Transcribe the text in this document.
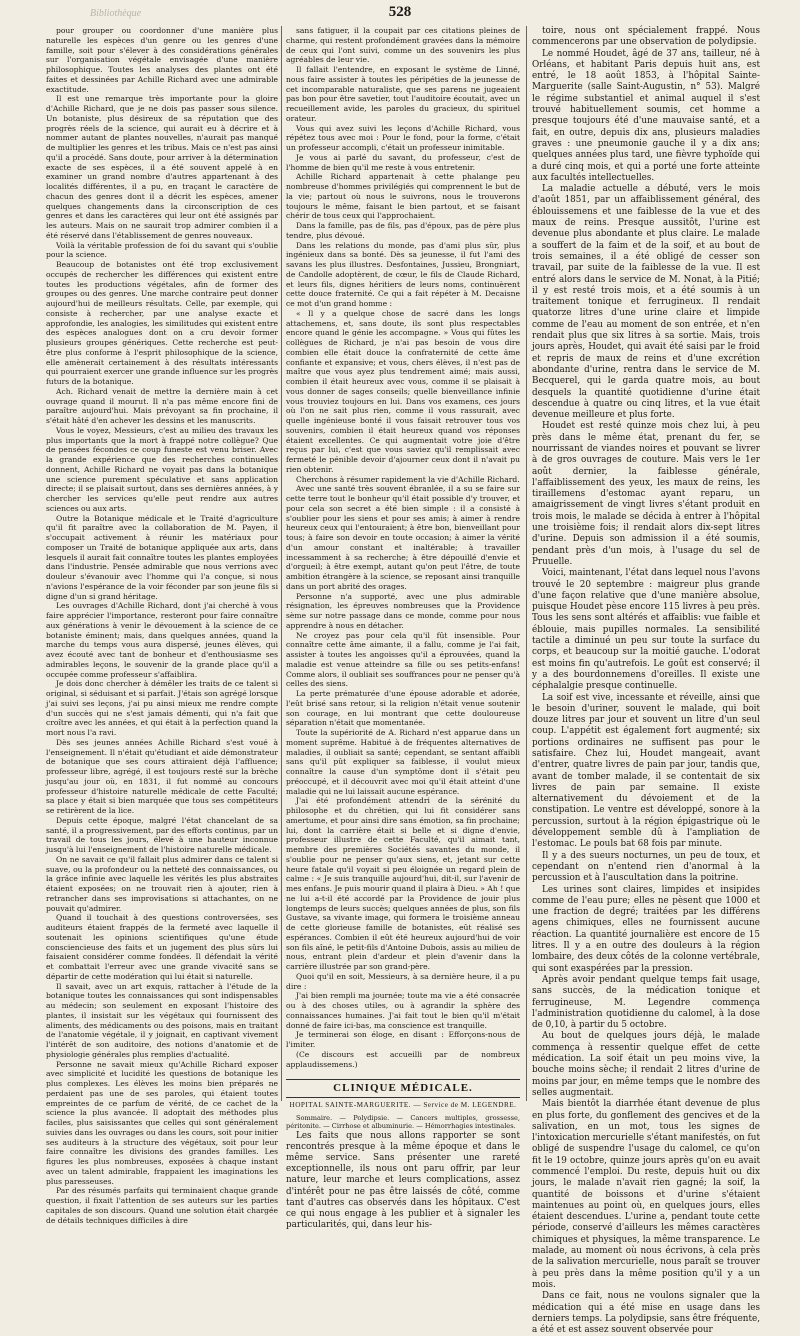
Bibliothèque	528

pour grouper ou coordonner d'une manière plus naturelle les espèces d'un genre ou les genres d'une famille, soit pour s'élever à des considérations générales sur l'organisation végétale envisagée d'une manière philosophique. Toutes les analyses des plantes ont été faites et dessinées par Achille Richard avec une admirable exactitude.

Il est une remarque très importante pour la gloire d'Achille Richard, que je ne dois pas passer sous silence. Un botaniste, plus désireux de sa réputation que des progrès réels de la science, qui aurait eu à décrire et à nommer autant de plantes nouvelles, n'aurait pas manqué de multiplier les genres et les tribus. Mais ce n'est pas ainsi qu'il a procédé. Sans doute, pour arriver à la détermination exacte de ses espèces, il a été souvent appelé à en examiner un grand nombre d'autres appartenant à des localités différentes, il a pu, en traçant le caractère de chacun des genres dont il a décrit les espèces, amener quelques changements dans la circonscription de ces genres et dans les caractères qui leur ont été assignés par les auteurs. Mais on ne saurait trop admirer combien il a été réservé dans l'établissement de genres nouveaux.

Voilà la véritable profession de foi du savant qui s'oublie pour la science.

Beaucoup de botanistes ont été trop exclusivement occupés de rechercher les différences qui existent entre toutes les productions végétales, afin de former des groupes ou des genres. Une marche contraire peut donner aujourd'hui de meilleurs résultats. Celle, par exemple, qui consiste à rechercher, par une analyse exacte et approfondie, les analogies, les similitudes qui existent entre des espèces analogues dont on a cru devoir former plusieurs groupes génériques. Cette recherche est peut-être plus conforme à l'esprit philosophique de la science, elle amènerait certainement à des résultats intéressants qui pourraient exercer une grande influence sur les progrès futurs de la botanique.

Ach. Richard venait de mettre la dernière main à cet ouvrage quand il mourut. Il n'a pas même encore fini de paraître aujourd'hui. Mais prévoyant sa fin prochaine, il s'était hâté d'en achever les dessins et les manuscrits.

Vous le voyez, Messieurs, c'est au milieu des travaux les plus importants que la mort à frappé notre collègue? Que de pensées fécondes ce coup funeste est venu briser. Avec la grande expérience que des recherches continuelles donnent, Achille Richard ne voyait pas dans la botanique une science purement spéculative et sans application directe; il se plaisait surtout, dans ses dernières années, à y chercher les services qu'elle peut rendre aux autres sciences ou aux arts.

Outre la Botanique médicale et le Traité d'agriculture qu'il fit paraître avec la collaboration de M. Payen, il s'occupait activement à réunir les matériaux pour composer un Traité de botanique appliquée aux arts, dans lesquels il aurait fait connaître toutes les plantes employées dans l'industrie. Pensée admirable que nous verrions avec douleur s'évanouir avec l'homme qui l'a conçue, si nous n'avions l'espérance de la voir féconder par son jeune fils si digne d'un si grand héritage.

Les ouvrages d'Achille Richard, dont j'ai cherché à vous faire apprécier l'importance, resteront pour faire connaître aux générations à venir le dévouement à la science de ce botaniste éminent; mais, dans quelques années, quand la marche du temps vous aura dispersé, jeunes élèves, qui avez écouté avec tant de bonheur et d'enthousiasme ses admirables leçons, le souvenir de la grande place qu'il a occupée comme professeur s'affaiblira.

Je dois donc chercher à démêler les traits de ce talent si original, si séduisant et si parfait. J'étais son agrégé lorsque j'ai suivi ses leçons, j'ai pu ainsi mieux me rendre compte d'un succès qui ne s'est jamais démenti, qui n'a fait que croître avec les années, et qui était à la perfection quand la mort nous l'a ravi.

Dès ses jeunes années Achille Richard s'est voué à l'enseignement. Il n'était qu'étudiant et aide démonstrateur de botanique que ses cours attiraient déjà l'affluence; professeur libre, agrégé, il est toujours resté sur la brèche jusqu'au jour où, en 1831, il fut nommé au concours professeur d'histoire naturelle médicale de cette Faculté; sa place y était si bien marquée que tous ses compétiteurs se retirèrent de la lice.

Depuis cette époque, malgré l'état chancelant de sa santé, il a progressivement, par des efforts continus, par un travail de tous les jours, élevé à une hauteur inconnue jusqu'à lui l'enseignement de l'histoire naturelle médicale.

On ne savait ce qu'il fallait plus admirer dans ce talent si suave, ou la profondeur ou la netteté des connaissances, ou la grâce infinie avec laquelle les vérités les plus abstraites étaient exposées; on ne trouvait rien à ajouter, rien à retrancher dans ses improvisations si attachantes, on ne pouvait qu'admirer.

Quand il touchait à des questions controversées, ses auditeurs étaient frappés de la fermeté avec laquelle il soutenait les opinions scientifiques qu'une étude consciencieuse des faits et un jugement des plus sûrs lui faisaient considérer comme fondées. Il défendait la vérité et combattait l'erreur avec une grande vivacité sans se départir de cette modération qui lui était si naturelle.

Il savait, avec un art exquis, rattacher à l'étude de la botanique toutes les connaissances qui sont indispensables au médecin; son seulement en exposant l'histoire des plantes, il insistait sur les végétaux qui fournissent des aliments, des médicaments ou des poisons, mais en traitant de l'anatomie végétale, il y joignait, en captivant vivement l'intérêt de son auditoire, des notions d'anatomie et de physiologie générales plus remplies d'actualité.

Personne ne savait mieux qu'Achille Richard exposer avec simplicité et lucidité les questions de botanique les plus complexes. Les élèves les moins bien préparés ne perdaient pas une de ses paroles, qui étaient toutes empreintes de ce parfum de vérité, de ce cachet de la science la plus avancée. Il adoptait des méthodes plus faciles, plus saisissantes que celles qui sont généralement suivies dans les ouvrages ou dans les cours, soit pour initier ses auditeurs à la structure des végétaux, soit pour leur faire connaître les divisions des grandes familles. Les figures les plus nombreuses, exposées à chaque instant avec un talent admirable, frappaient les imaginations les plus paresseuses.

Par des résumés parfaits qui terminaient chaque grande question, il fixait l'attention de ses auteurs sur les parties capitales de son discours. Quand une solution était chargée de détails techniques difficiles à dire

sans fatiguer, il la coupait par ces citations pleines de charme, qui restent profondément gravées dans la mémoire de ceux qui l'ont suivi, comme un des souvenirs les plus agréables de leur vie.

Il fallait l'entendre, en exposant le système de Linné, nous faire assister à toutes les péripéties de la jeunesse de cet incomparable naturaliste, que ses parens ne jugeaient pas bon pour être savetier, tout l'auditoire écoutait, avec un recueillement avide, les paroles du gracieux, du spirituel orateur.

Vous qui avez suivi les leçons d'Achille Richard, vous répétez tous avec moi : Pour le fond, pour la forme, c'était un professeur accompli, c'était un professeur inimitable.

Je vous ai parlé du savant, du professeur, c'est de l'homme de bien qu'il me reste à vous entretenir.

Achille Richard appartenait à cette phalange peu nombreuse d'hommes privilégiés qui comprennent le but de la vie; partout où nous le suivrons, nous le trouverons toujours le même, faisant le bien partout, et se faisant chérir de tous ceux qui l'approchaient.

Dans la famille, pas de fils, pas d'époux, pas de père plus tendre, plus dévoué.

Dans les relations du monde, pas d'ami plus sûr, plus ingénieux dans sa bonté. Dès sa jeunesse, il fut l'ami des savans les plus illustres. Desfontaines, Jussieu, Brongniart, de Candolle adoptèrent, de cœur, le fils de Claude Richard, et leurs fils, dignes héritiers de leurs noms, continuèrent cette douce fraternité. Ce qui a fait répéter à M. Decaisne ce mot d'un grand homme :

« Il y a quelque chose de sacré dans les longs attachemens, et, sans doute, ils sont plus respectables encore quand le génie les accompagne. » Vous qui fûtes les collègues de Richard, je n'ai pas besoin de vous dire combien elle était douce la confraternité de cette âme confiante et expansive; et vous, chers élèves, il n'est pas de maître que vous ayez plus tendrement aimé; mais aussi, combien il était heureux avec vous, comme il se plaisait à vous donner de sages conseils; quelle bienveillance infinie vous trouviez toujours en lui. Dans vos examens, ces jours où l'on ne sait plus rien, comme il vous rassurait, avec quelle ingénieuse bonté il vous faisait retrouver tous vos souvenirs, combien il était heureux quand vos réponses étaient excellentes. Ce qui augmentait votre joie d'être reçus par lui, c'est que vous saviez qu'il remplissait avec fermeté le pénible devoir d'ajourner ceux dont il n'avait pu rien obtenir.

Cherchons à résumer rapidement la vie d'Achille Richard.

Avec une santé très souvent ébranlée, il a su se faire sur cette terre tout le bonheur qu'il était possible d'y trouver, et pour cela son secret a été bien simple : il a consisté à s'oublier pour les siens et pour ses amis; à aimer à rendre heureux ceux qui l'entouraient; à être bon, bienveillant pour tous; à faire son devoir en toute occasion; à aimer la vérité d'un amour constant et inaltérable; à travailler incessamment à sa recherche; à être dépouillé d'envie et d'orgueil; à être exempt, autant qu'on peut l'être, de toute ambition étrangère à la science, se reposant ainsi tranquille dans un port abrité des orages.

Personne n'a supporté, avec une plus admirable résignation, les épreuves nombreuses que la Providence sème sur notre passage dans ce monde, comme pour nous apprendre à nous en détacher.

Ne croyez pas pour cela qu'il fût insensible. Pour connaître cette âme aimante, il a fallu, comme je l'ai fait, assister à toutes les angoisses qu'il a éprouvées, quand la maladie est venue atteindre sa fille ou ses petits-enfans! Comme alors, il oubliait ses souffrances pour ne penser qu'à celles des siens.

La perte prématurée d'une épouse adorable et adorée, l'eût brisé sans retour, si la religion n'était venue soutenir son courage, en lui montrant que cette douloureuse séparation n'était que momentanée.

Toute la supériorité de A. Richard n'est apparue dans un moment suprême. Habitué à de fréquentes alternatives de maladies, il oubliait sa santé; cependant, se sentant affaibli sans qu'il pût expliquer sa faiblesse, il voulut mieux connaître la cause d'un symptôme dont il s'était peu préoccupé, et il découvrit avec moi qu'il était atteint d'une maladie qui ne lui laissait aucune espérance.

J'ai été profondément attendri de la sérénité du philosophe et du chrétien, qui lui fit considérer sans amertume, et pour ainsi dire sans émotion, sa fin prochaine; lui, dont la carrière était si belle et si digne d'envie, professeur illustre de cette Faculté, qu'il aimait tant, membre des premières Sociétés savantes du monde, il s'oublie pour ne penser qu'aux siens, et, jetant sur cette heure fatale qu'il voyait si peu éloignée un regard plein de calme : « Je suis tranquille aujourd'hui, dit-il, sur l'avenir de mes enfans. Je puis mourir quand il plaira à Dieu. » Ah ! que ne lui a-t-il été accordé par la Providence de jouir plus longtemps de leurs succès; quelques années de plus, son fils Gustave, sa vivante image, qui formera le troisième anneau de cette glorieuse famille de botanistes, eût réalisé ses espérances. Combien il eût été heureux aujourd'hui de voir son fils aîné, le petit-fils d'Antoine Dubois, assis au milieu de nous, entrant plein d'ardeur et plein d'avenir dans la carrière illustrée par son grand-père.

Quoi qu'il en soit, Messieurs, à sa dernière heure, il a pu dire :

J'ai bien rempli ma journée; toute ma vie a été consacrée ou à des choses utiles, ou à agrandir la sphère des connaissances humaines. J'ai fait tout le bien qu'il m'était donné de faire ici-bas, ma conscience est tranquille.

Je terminerai son éloge, en disant : Efforçons-nous de l'imiter.

(Ce discours est accueilli par de nombreux applaudissemens.)

CLINIQUE MÉDICALE.
HOPITAL SAINTE-MARGUERITE. — Service de M. LEGENDRE.

Sommaire. — Polydipsie. — Cancers multiples, grossesse, péritonite. — Cirrhose et albuminurie. — Hémorrhagies intestinales.

Les faits que nous allons rapporter se sont rencontrés presque à la même époque et dans le même service. Sans présenter une rareté exceptionnelle, ils nous ont paru offrir, par leur nature, leur marche et leurs complications, assez d'intérêt pour ne pas être laissés de côté, comme tant d'autres cas observés dans les hôpitaux. C'est ce qui nous engage à les publier et à signaler les particularités, qui, dans leur his-

toire, nous ont spécialement frappé. Nous commencerons par une observation de polydipsie.

Le nommé Houdet, âgé de 37 ans, tailleur, né à Orléans, et habitant Paris depuis huit ans, est entré, le 18 août 1853, à l'hôpital Sainte-Marguerite (salle Saint-Augustin, n° 53). Malgré le régime substantiel et animal auquel il s'est trouvé habituellement soumis, cet homme a presque toujours été d'une mauvaise santé, et a fait, en outre, depuis dix ans, plusieurs maladies graves : une pneumonie gauche il y a dix ans; quelques années plus tard, une fièvre typhoïde qui a duré cinq mois, et qui a porté une forte atteinte aux facultés intellectuelles.

La maladie actuelle a débuté, vers le mois d'août 1851, par un affaiblissement général, des éblouissemens et une faiblesse de la vue et des maux de reins. Presque aussitôt, l'urine est devenue plus abondante et plus claire. Le malade a souffert de la faim et de la soif, et au bout de trois semaines, il a été obligé de cesser son travail, par suite de la faiblesse de la vue. Il est entré alors dans le service de M. Nonat, à la Pitié; il y est resté trois mois, et a été soumis à un traitement tonique et ferrugineux. Il rendait quatorze litres d'une urine claire et limpide comme de l'eau au moment de son entrée, et n'en rendait plus que six litres à sa sortie. Mais, trois jours après, Houdet, qui avait été saisi par le froid et repris de maux de reins et d'une excrétion abondante d'urine, rentra dans le service de M. Becquerel, qui le garda quatre mois, au bout desquels la quantité quotidienne d'urine était descendue à quatre ou cinq litres, et la vue était devenue meilleure et plus forte.

Houdet est resté quinze mois chez lui, à peu près dans le même état, prenant du fer, se nourrissant de viandes noires et pouvant se livrer à de gros ouvrages de couture. Mais vers le 1er août dernier, la faiblesse générale, l'affaiblissement des yeux, les maux de reins, les tiraillemens d'estomac ayant reparu, un amaigrissement de vingt livres s'étant produit en trois mois, le malade se décida à entrer à l'hôpital une troisième fois; il rendait alors dix-sept litres d'urine. Depuis son admission il a été soumis, pendant près d'un mois, à l'usage du sel de Pruuelle.

Voici, maintenant, l'état dans lequel nous l'avons trouvé le 20 septembre : maigreur plus grande d'une façon relative que d'une manière absolue, puisque Houdet pèse encore 115 livres à peu près. Tous les sens sont altérés et affaiblis: vue faible et éblouie, mais pupilles normales. La sensibilité tactile a diminué un peu sur toute la surface du corps, et beaucoup sur la moitié gauche. L'odorat est moins fin qu'autrefois. Le goût est conservé; il y a des bourdonnemens d'oreilles. Il existe une céphalalgie presque continuelle.

La soif est vive, incessante et réveille, ainsi que le besoin d'uriner, souvent le malade, qui boit douze litres par jour et souvent un litre d'un seul coup. L'appétit est également fort augmenté; six portions ordinaires ne suffisent pas pour le satisfaire. Chez lui, Houdet mangeait, avant d'entrer, quatre livres de pain par jour, tandis que, avant de tomber malade, il se contentait de six livres de pain par semaine. Il existe alternativement du dévoiement et de la constipation. Le ventre est développé, sonore à la percussion, surtout à la région épigastrique où le développement semble dû à l'ampliation de l'estomac. Le pouls bat 68 fois par minute.

Il y a des sueurs nocturnes, un peu de toux, et cependant on n'entend rien d'anormal à la percussion et à l'auscultation dans la poitrine.

Les urines sont claires, limpides et insipides comme de l'eau pure; elles ne pèsent que 1000 et une fraction de degré; traitées par les différens agens chimiques, elles ne fournissent aucune réaction. La quantité journalière est encore de 15 litres. Il y a en outre des douleurs à la région lombaire, des deux côtés de la colonne vertébrale, qui sont exaspérées par la pression.

Après avoir pendant quelque temps fait usage, sans succès, de la médication tonique et ferrugineuse, M. Legendre commença l'administration quotidienne du calomel, à la dose de 0,10, à partir du 5 octobre.

Au bout de quelques jours déjà, le malade commença à ressentir quelque effet de cette médication. La soif était un peu moins vive, la bouche moins sèche; il rendait 2 litres d'urine de moins par jour, en même temps que le nombre des selles augmentait.

Mais bientôt la diarrhée étant devenue de plus en plus forte, du gonflement des gencives et de la salivation, en un mot, tous les signes de l'intoxication mercurielle s'étant manifestés, on fut obligé de suspendre l'usage du calomel, ce qu'on fit le 19 octobre, quinze jours après qu'on eu avait commencé l'emploi. Du reste, depuis huit ou dix jours, le malade n'avait rien gagné; la soif, la quantité de boissons et d'urine s'étaient maintenues au point où, en quelques jours, elles étaient descendues. L'urine a, pendant toute cette période, conservé d'ailleurs les mêmes caractères chimiques et physiques, la même transparence. Le malade, au moment où nous écrivons, à cela près de la salivation mercurielle, nous paraît se trouver à peu près dans la même position qu'il y a un mois.

Dans ce fait, nous ne voulons signaler que la médication qui a été mise en usage dans les derniers temps. La polydipsie, sans être fréquente, a été et est assez souvent observée pour
